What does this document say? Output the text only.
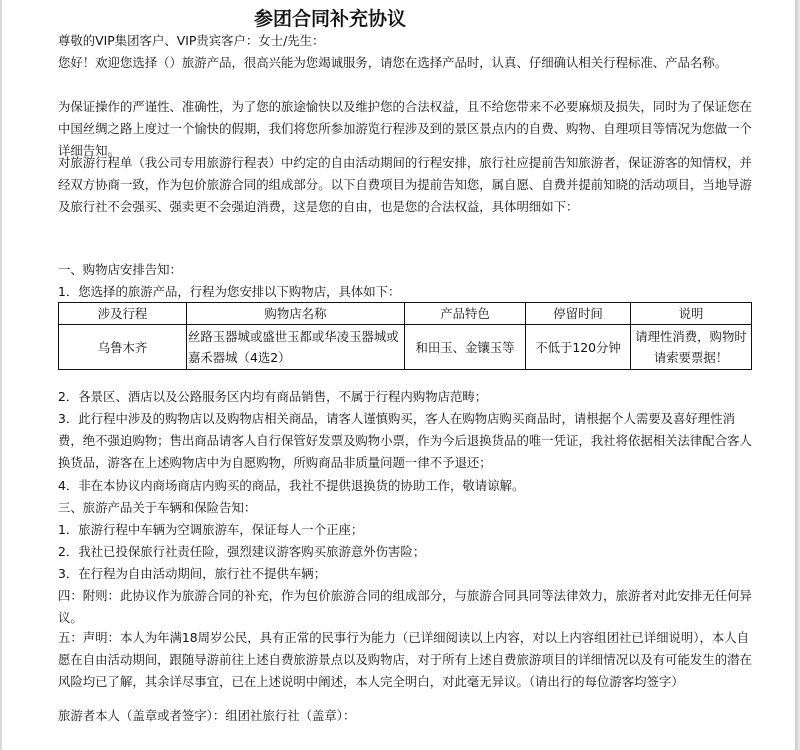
参团合同补充协议
尊敬的VIP集团客户、VIP贵宾客户：女士/先生：
您好！欢迎您选择（）旅游产品，很高兴能为您竭诚服务，请您在选择产品时，认真、仔细确认相关行程标准、产品名称。
为保证操作的严谨性、准确性，为了您的旅途愉快以及维护您的合法权益，且不给您带来不必要麻烦及损失，同时为了保证您在中国丝绸之路上度过一个愉快的假期，我们将您所参加游览行程涉及到的景区景点内的自费、购物、自理项目等情况为您做一个详细告知。
对旅游行程单（我公司专用旅游行程表）中约定的自由活动期间的行程安排，旅行社应提前告知旅游者，保证游客的知情权，并经双方协商一致，作为包价旅游合同的组成部分。以下自费项目为提前告知您，属自愿、自费并提前知晓的活动项目，当地导游及旅行社不会强买、强卖更不会强迫消费，这是您的自由，也是您的合法权益，具体明细如下：
一、购物店安排告知：
1．您选择的旅游产品，行程为您安排以下购物店，具体如下：
涉及行程	购物店名称	产品特色	停留时间	说明
乌鲁木齐	丝路玉器城或盛世玉都或华凌玉器城或嘉禾器城（4选2）	和田玉、金镶玉等	不低于120分钟	请理性消费，购物时请索要票据！
2．各景区、酒店以及公路服务区内均有商品销售，不属于行程内购物店范畴；
3．此行程中涉及的购物店以及购物店相关商品，请客人谨慎购买，客人在购物店购买商品时，请根据个人需要及喜好理性消费，绝不强迫购物；售出商品请客人自行保管好发票及购物小票，作为今后退换货品的唯一凭证，我社将依据相关法律配合客人换货品，游客在上述购物店中为自愿购物，所购商品非质量问题一律不予退还；
4．非在本协议内商场商店内购买的商品，我社不提供退换货的协助工作，敬请谅解。
三、旅游产品关于车辆和保险告知：
1．旅游行程中车辆为空调旅游车，保证每人一个正座；
2．我社已投保旅行社责任险，强烈建议游客购买旅游意外伤害险；
3．在行程为自由活动期间，旅行社不提供车辆；
四：附则：此协议作为旅游合同的补充，作为包价旅游合同的组成部分，与旅游合同具同等法律效力，旅游者对此安排无任何异议。
五：声明：本人为年满18周岁公民，具有正常的民事行为能力（已详细阅读以上内容，对以上内容组团社已详细说明），本人自愿在自由活动期间，跟随导游前往上述自费旅游景点以及购物店，对于所有上述自费旅游项目的详细情况以及有可能发生的潜在风险均已了解，其余详尽事宜，已在上述说明中阐述，本人完全明白，对此毫无异议。（请出行的每位游客均签字）
旅游者本人（盖章或者签字）：组团社旅行社（盖章）：
